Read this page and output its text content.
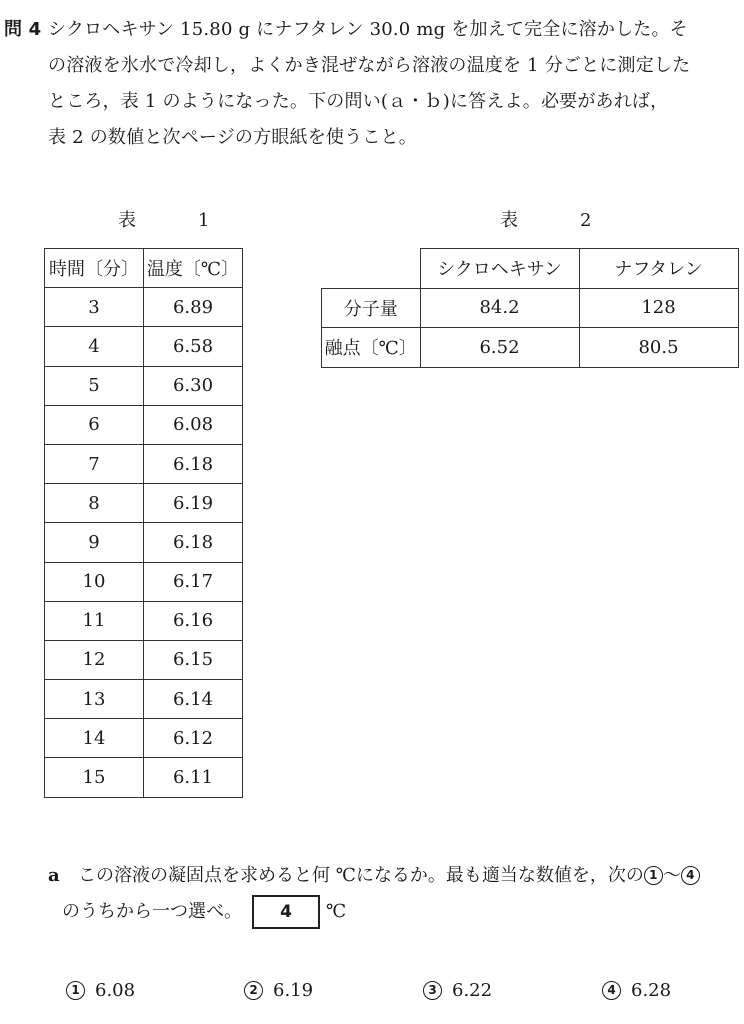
問 4 シクロヘキサン 15.80 g にナフタレン 30.0 mg を加えて完全に溶かした。そ
の溶液を氷水で冷却し，よくかき混ぜながら溶液の温度を 1 分ごとに測定した
ところ，表 1 のようになった。下の問い(ａ・ｂ)に答えよ。必要があれば，
表 2 の数値と次ページの方眼紙を使うこと。
表　1	表　2
時間〔分〕	温度〔℃〕
3	6.89
4	6.58
5	6.30
6	6.08
7	6.18
8	6.19
9	6.18
10	6.17
11	6.16
12	6.15
13	6.14
14	6.12
15	6.11
	シクロヘキサン	ナフタレン
分子量	84.2	128
融点〔℃〕	6.52	80.5
a この溶液の凝固点を求めると何 ℃になるか。最も適当な数値を，次の 1 ～ 4
のうちから一つ選べ。 4 ℃
1 6.08	2 6.19	3 6.22	4 6.28
